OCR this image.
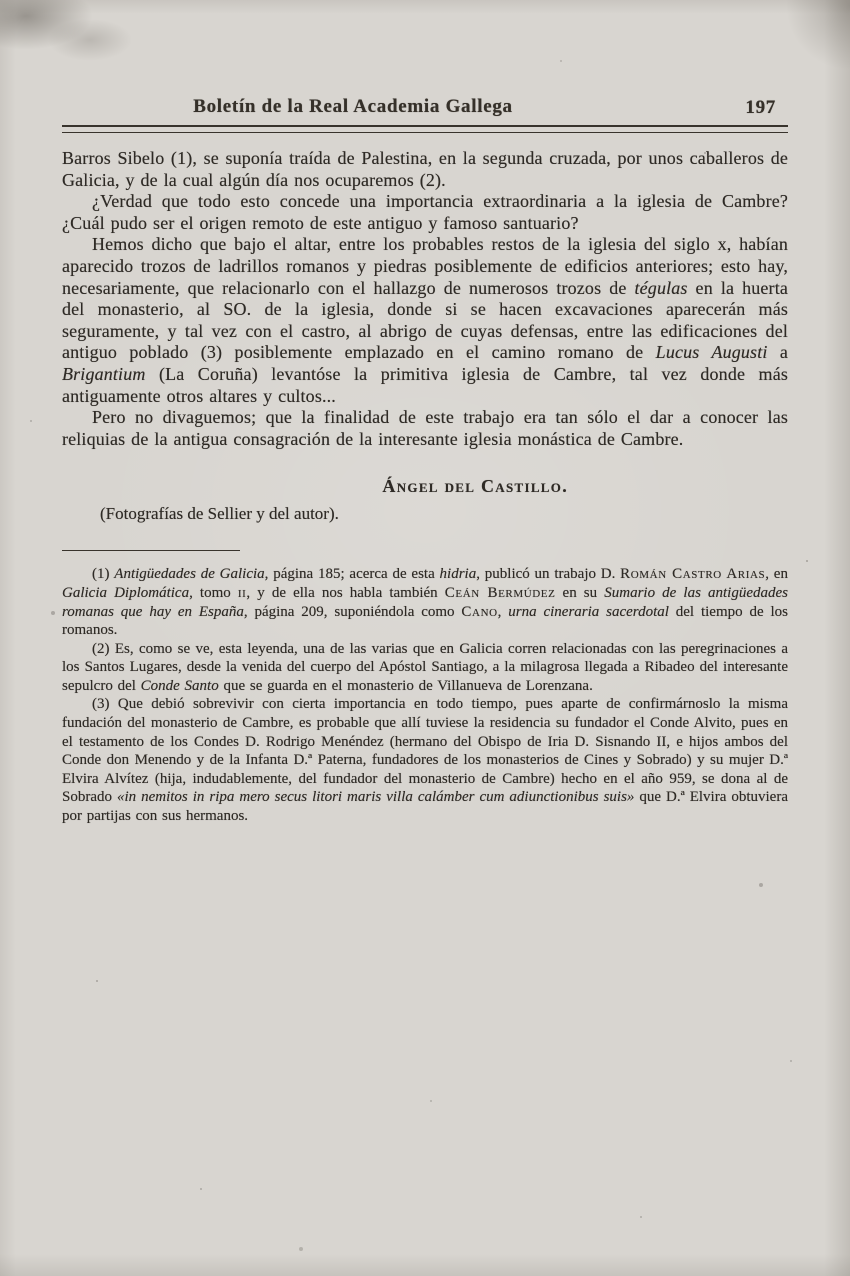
Boletín de la Real Academia Gallega	197

Barros Sibelo (1), se suponía traída de Palestina, en la segunda cruzada, por unos caballeros de Galicia, y de la cual algún día nos ocuparemos (2).

¿Verdad que todo esto concede una importancia extraordinaria a la iglesia de Cambre? ¿Cuál pudo ser el origen remoto de este antiguo y famoso santuario?

Hemos dicho que bajo el altar, entre los probables restos de la iglesia del siglo x, habían aparecido trozos de ladrillos romanos y piedras posiblemente de edificios anteriores; esto hay, necesariamente, que relacionarlo con el hallazgo de numerosos trozos de tégulas en la huerta del monasterio, al SO. de la iglesia, donde si se hacen excavaciones aparecerán más seguramente, y tal vez con el castro, al abrigo de cuyas defensas, entre las edificaciones del antiguo poblado (3) posiblemente emplazado en el camino romano de Lucus Augusti a Brigantium (La Coruña) levantóse la primitiva iglesia de Cambre, tal vez donde más antiguamente otros altares y cultos...

Pero no divaguemos; que la finalidad de este trabajo era tan sólo el dar a conocer las reliquias de la antigua consagración de la interesante iglesia monástica de Cambre.

Ángel del Castillo.
(Fotografías de Sellier y del autor).

(1) Antigüedades de Galicia, página 185; acerca de esta hidria, publicó un trabajo D. Román Castro Arias, en Galicia Diplomática, tomo ii, y de ella nos habla también Ceán Bermúdez en su Sumario de las antigüedades romanas que hay en España, página 209, suponiéndola como Cano, urna cineraria sacerdotal del tiempo de los romanos.

(2) Es, como se ve, esta leyenda, una de las varias que en Galicia corren relacionadas con las peregrinaciones a los Santos Lugares, desde la venida del cuerpo del Apóstol Santiago, a la milagrosa llegada a Ribadeo del interesante sepulcro del Conde Santo que se guarda en el monasterio de Villanueva de Lorenzana.

(3) Que debió sobrevivir con cierta importancia en todo tiempo, pues aparte de confirmárnoslo la misma fundación del monasterio de Cambre, es probable que allí tuviese la residencia su fundador el Conde Alvito, pues en el testamento de los Condes D. Rodrigo Menéndez (hermano del Obispo de Iria D. Sisnando II, e hijos ambos del Conde don Menendo y de la Infanta D.ª Paterna, fundadores de los monasterios de Cines y Sobrado) y su mujer D.ª Elvira Alvítez (hija, indudablemente, del fundador del monasterio de Cambre) hecho en el año 959, se dona al de Sobrado «in nemitos in ripa mero secus litori maris villa calámber cum adiunctionibus suis» que D.ª Elvira obtuviera por partijas con sus hermanos.
